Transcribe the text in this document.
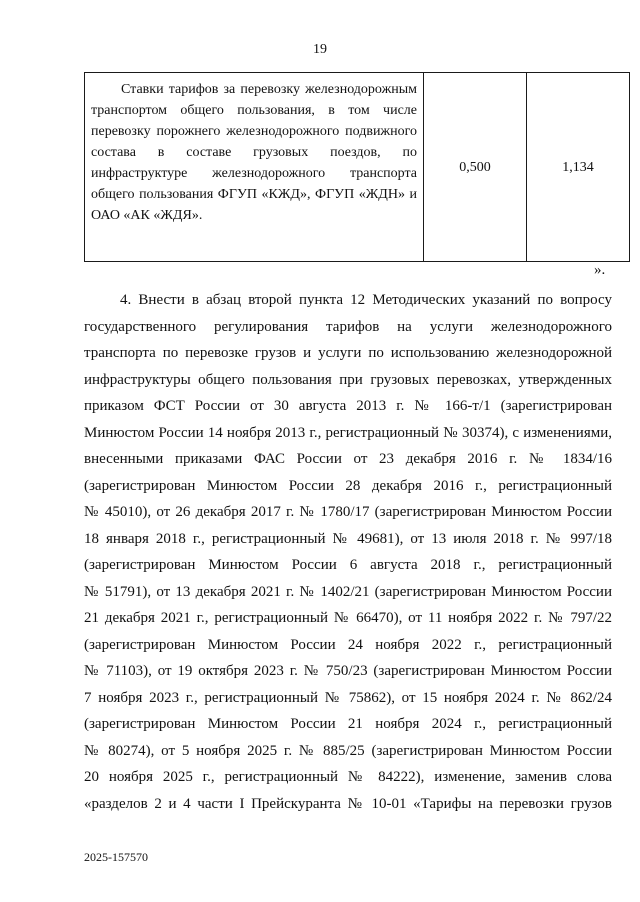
19
Ставки тарифов за перевозку железнодорожным транспортом общего пользования, в том числе перевозку порожнего железнодорожного подвижного состава в составе грузовых поездов, по инфраструктуре железнодорожного транспорта общего пользования ФГУП «КЖД», ФГУП «ЖДН» и ОАО «АК «ЖДЯ».	0,500	1,134
».
4. Внести в абзац второй пункта 12 Методических указаний по вопросу
государственного регулирования тарифов на услуги железнодорожного
транспорта по перевозке грузов и услуги по использованию железнодорожной
инфраструктуры общего пользования при грузовых перевозках, утвержденных
приказом ФСТ России от 30 августа 2013 г. № 166-т/1 (зарегистрирован
Минюстом России 14 ноября 2013 г., регистрационный № 30374), с изменениями,
внесенными приказами ФАС России от 23 декабря 2016 г. № 1834/16
(зарегистрирован Минюстом России 28 декабря 2016 г., регистрационный
№ 45010), от 26 декабря 2017 г. № 1780/17 (зарегистрирован Минюстом России
18 января 2018 г., регистрационный № 49681), от 13 июля 2018 г. № 997/18
(зарегистрирован Минюстом России 6 августа 2018 г., регистрационный
№ 51791), от 13 декабря 2021 г. № 1402/21 (зарегистрирован Минюстом России
21 декабря 2021 г., регистрационный № 66470), от 11 ноября 2022 г. № 797/22
(зарегистрирован Минюстом России 24 ноября 2022 г., регистрационный
№ 71103), от 19 октября 2023 г. № 750/23 (зарегистрирован Минюстом России
7 ноября 2023 г., регистрационный № 75862), от 15 ноября 2024 г. № 862/24
(зарегистрирован Минюстом России 21 ноября 2024 г., регистрационный
№ 80274), от 5 ноября 2025 г. № 885/25 (зарегистрирован Минюстом России
20 ноября 2025 г., регистрационный № 84222), изменение, заменив слова
«разделов 2 и 4 части I Прейскуранта № 10-01 «Тарифы на перевозки грузов
2025-157570
